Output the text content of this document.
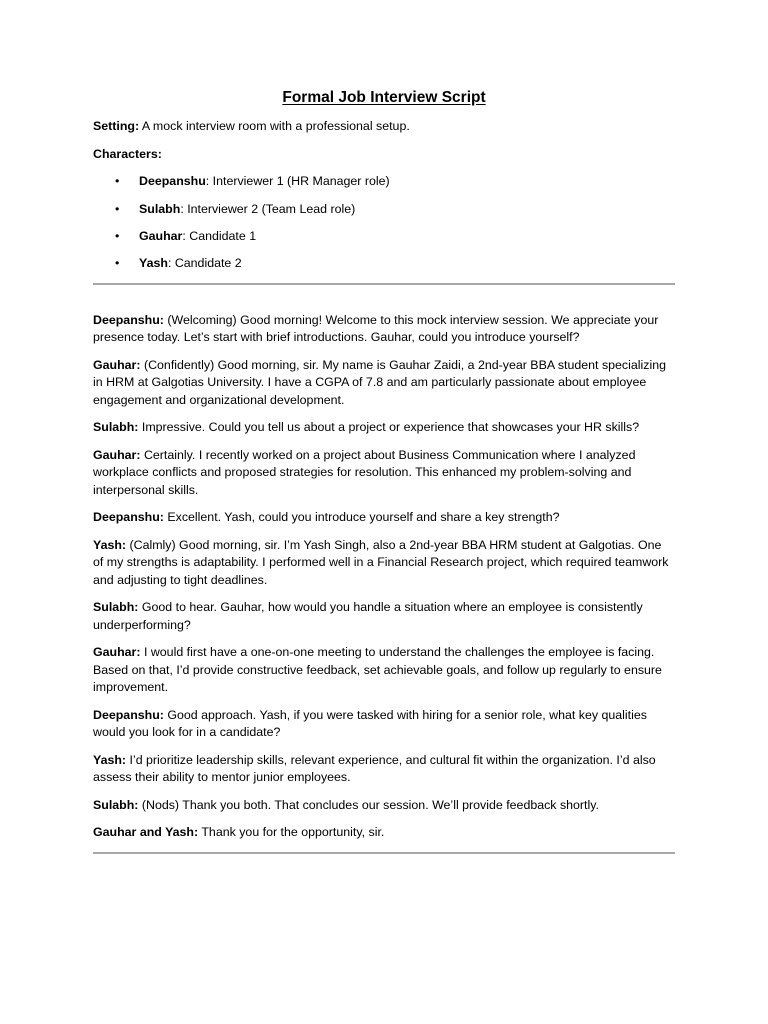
Formal Job Interview Script

Setting: A mock interview room with a professional setup.

Characters:

• Deepanshu: Interviewer 1 (HR Manager role)
• Sulabh: Interviewer 2 (Team Lead role)
• Gauhar: Candidate 1
• Yash: Candidate 2

Deepanshu: (Welcoming) Good morning! Welcome to this mock interview session. We appreciate your presence today. Let’s start with brief introductions. Gauhar, could you introduce yourself?

Gauhar: (Confidently) Good morning, sir. My name is Gauhar Zaidi, a 2nd-year BBA student specializing in HRM at Galgotias University. I have a CGPA of 7.8 and am particularly passionate about employee engagement and organizational development.

Sulabh: Impressive. Could you tell us about a project or experience that showcases your HR skills?

Gauhar: Certainly. I recently worked on a project about Business Communication where I analyzed workplace conflicts and proposed strategies for resolution. This enhanced my problem-solving and interpersonal skills.

Deepanshu: Excellent. Yash, could you introduce yourself and share a key strength?

Yash: (Calmly) Good morning, sir. I’m Yash Singh, also a 2nd-year BBA HRM student at Galgotias. One of my strengths is adaptability. I performed well in a Financial Research project, which required teamwork and adjusting to tight deadlines.

Sulabh: Good to hear. Gauhar, how would you handle a situation where an employee is consistently underperforming?

Gauhar: I would first have a one-on-one meeting to understand the challenges the employee is facing. Based on that, I’d provide constructive feedback, set achievable goals, and follow up regularly to ensure improvement.

Deepanshu: Good approach. Yash, if you were tasked with hiring for a senior role, what key qualities would you look for in a candidate?

Yash: I’d prioritize leadership skills, relevant experience, and cultural fit within the organization. I’d also assess their ability to mentor junior employees.

Sulabh: (Nods) Thank you both. That concludes our session. We’ll provide feedback shortly.

Gauhar and Yash: Thank you for the opportunity, sir.
